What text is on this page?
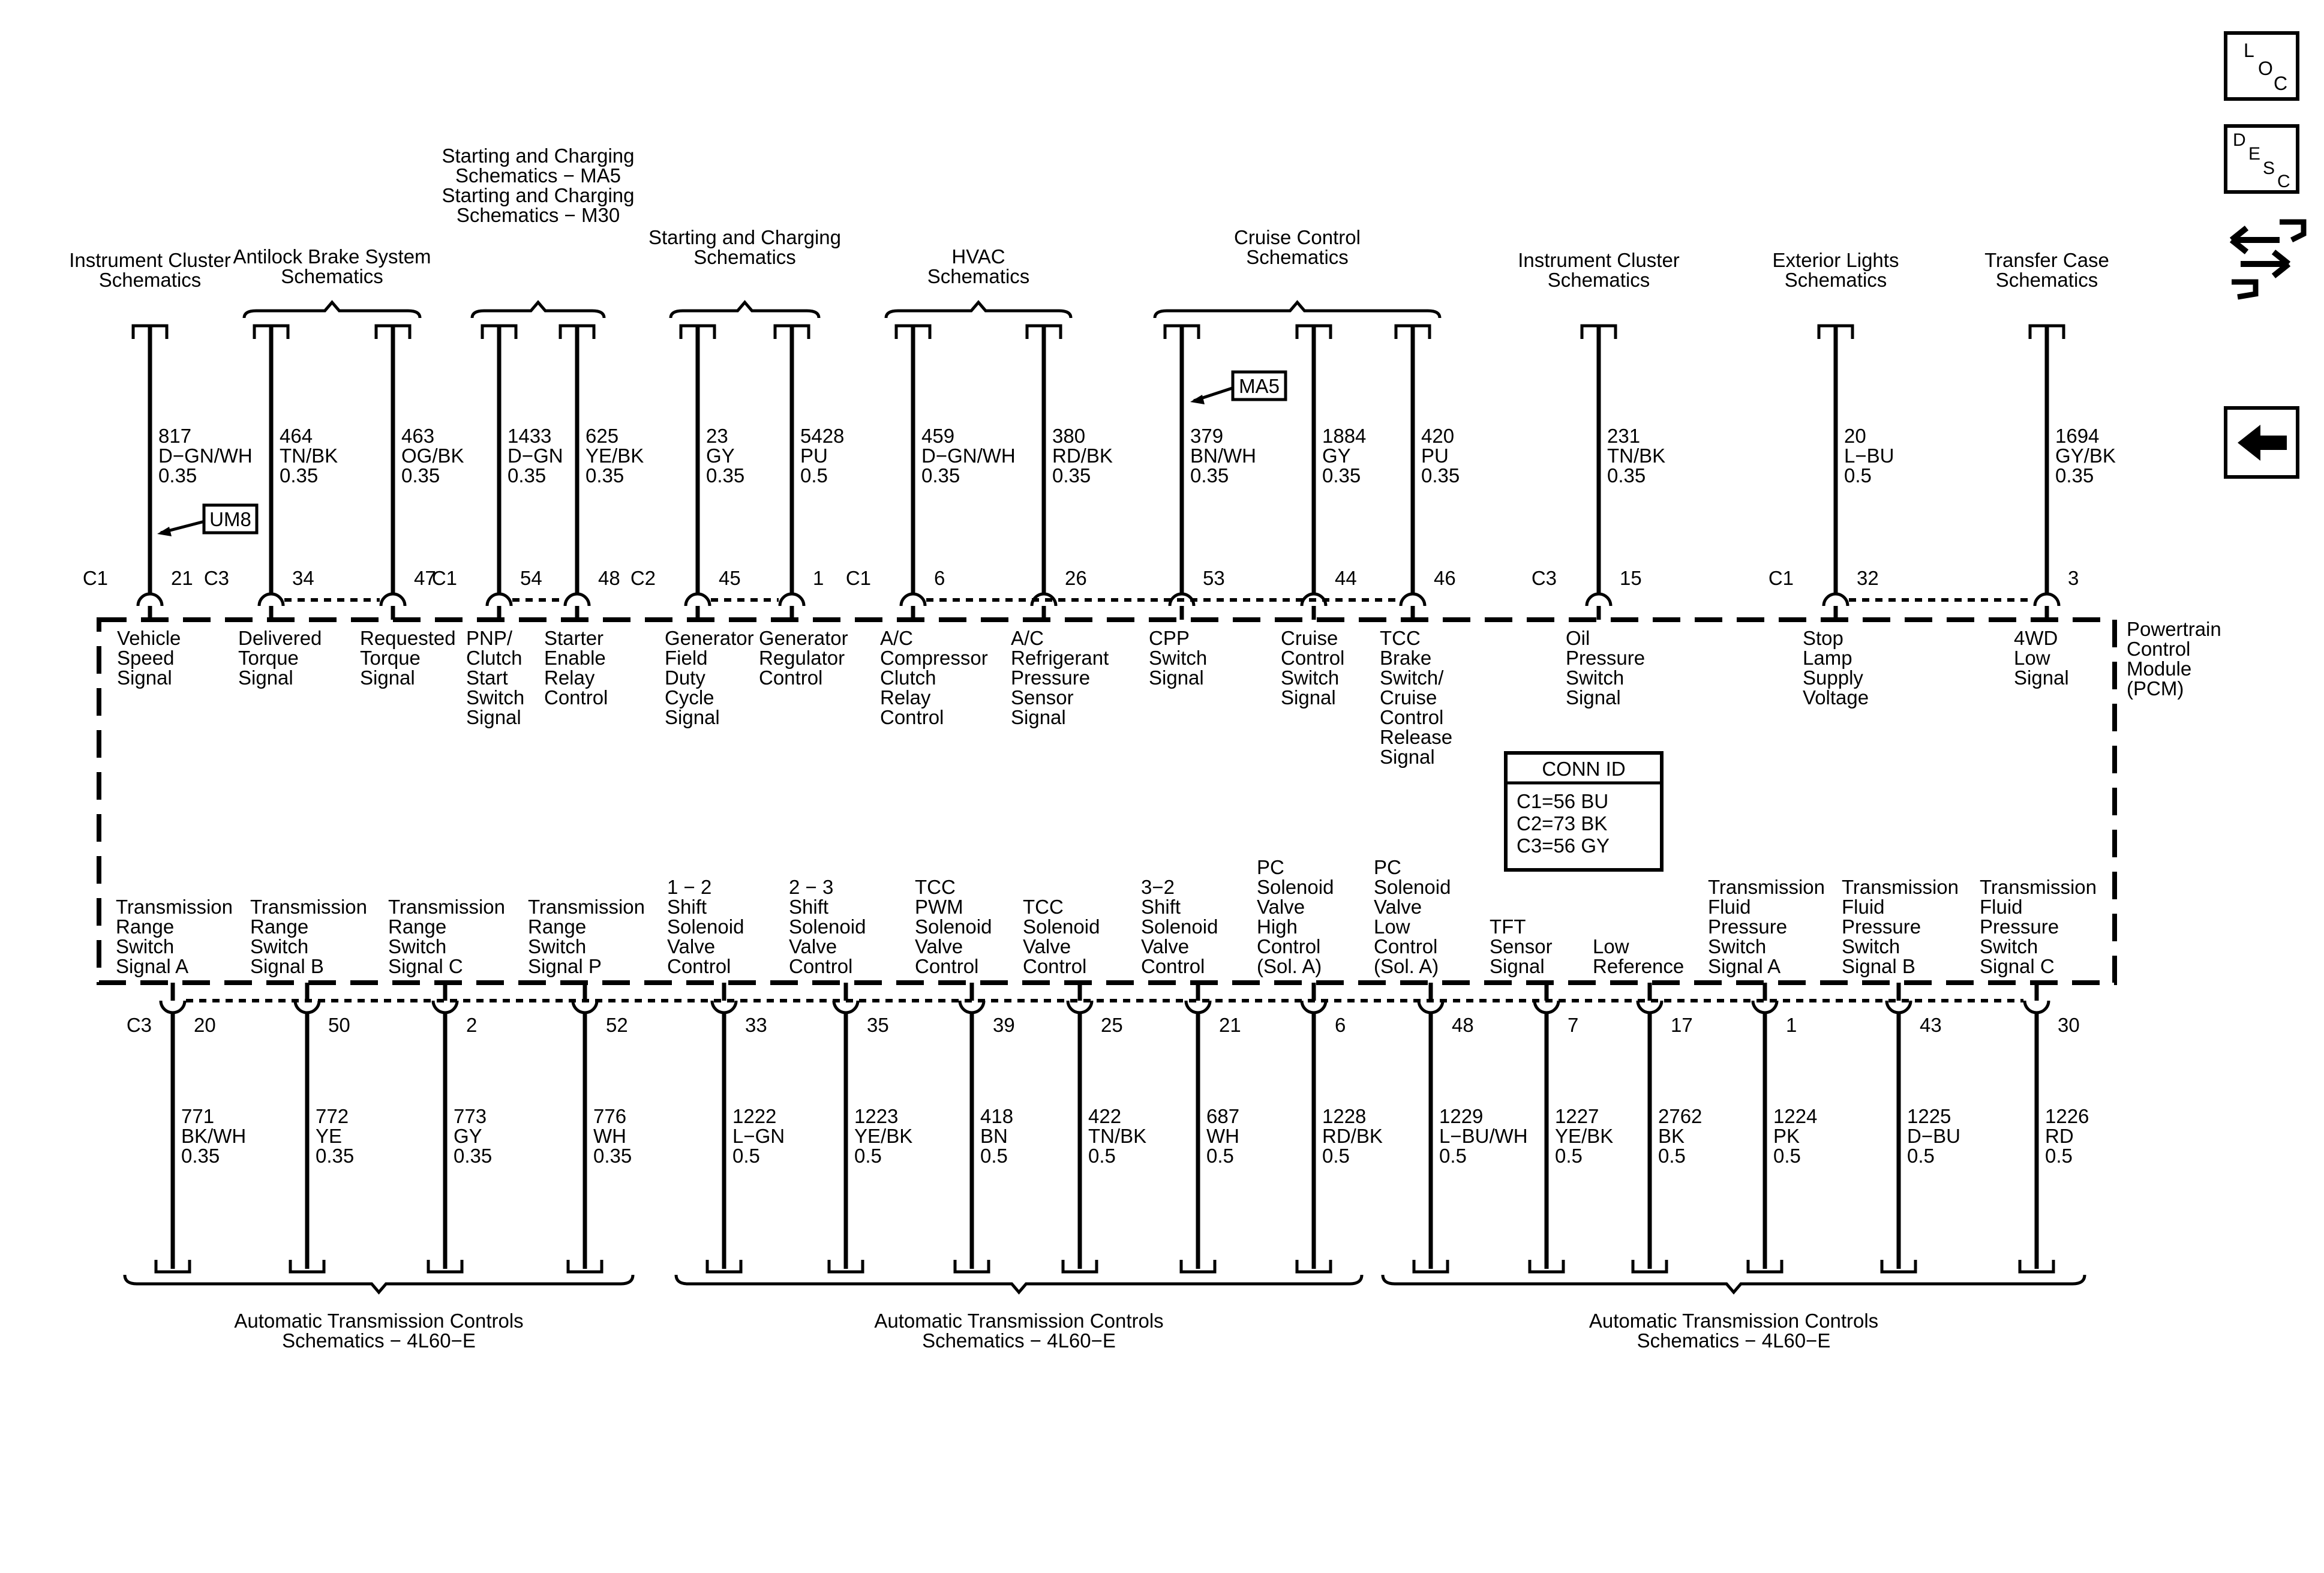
Powertrain
Control
Module
(PCM)
CONN ID
C1=56 BU
C2=73 BK
C3=56 GY
L
O
C
D
E
S
C
Instrument Cluster
Schematics
Antilock Brake System
Schematics
Starting and Charging
Schematics − MA5
Starting and Charging
Schematics − M30
Starting and Charging
Schematics	HVAC
Schematics
Cruise Control
Schematics	Instrument Cluster
Schematics
Exterior Lights
Schematics
Transfer Case
Schematics
817
D−GN/WH
0.35
C1	21
Vehicle
Speed
Signal
464
TN/BK
0.35
C3	34
Delivered
Torque
Signal
463
OG/BK
0.35
47
Requested
Torque
Signal
1433
D−GN
0.35
C1	54
PNP/
Clutch
Start
Switch
Signal
625
YE/BK
0.35
48
Starter
Enable
Relay
Control
23
GY
0.35
C2	45
Generator
Field
Duty
Cycle
Signal
5428
PU
0.5
1
Generator
Regulator
Control
459
D−GN/WH
0.35
C1	6
A/C
Compressor
Clutch
Relay
Control
380
RD/BK
0.35
26
A/C
Refrigerant
Pressure
Sensor
Signal
379
BN/WH
0.35
53
CPP
Switch
Signal
1884
GY
0.35
44
Cruise
Control
Switch
Signal
420
PU
0.35
46
TCC
Brake
Switch/
Cruise
Control
Release
Signal
231
TN/BK
0.35
C3	15
Oil
Pressure
Switch
Signal
20
L−BU
0.5
C1	32
Stop
Lamp
Supply
Voltage
1694
GY/BK
0.35
3
4WD
Low
Signal
Transmission
Range
Switch
Signal A
C3 20
771
BK/WH
0.35
Transmission
Range
Switch
Signal B
50
772
YE
0.35
Transmission
Range
Switch
Signal C
2
773
GY
0.35
Transmission
Range
Switch
Signal P
52
776
WH
0.35
1 − 2
Shift
Solenoid
Valve
Control
33
1222
L−GN
0.5
2 − 3
Shift
Solenoid
Valve
Control
35
1223
YE/BK
0.5
TCC
PWM
Solenoid
Valve
Control
39
418
BN
0.5
TCC
Solenoid
Valve
Control
25
422
TN/BK
0.5
3−2
Shift
Solenoid
Valve
Control
21
687
WH
0.5
PC
Solenoid
Valve
High
Control
(Sol. A)
6
1228
RD/BK
0.5
PC
Solenoid
Valve
Low
Control
(Sol. A)
48
1229
L−BU/WH
0.5
TFT
Sensor
Signal
7
1227
YE/BK
0.5
Low
Reference
17
2762
BK
0.5
Transmission
Fluid
Pressure
Switch
Signal A
1
1224
PK
0.5
Transmission
Fluid
Pressure
Switch
Signal B
43
1225
D−BU
0.5
Transmission
Fluid
Pressure
Switch
Signal C
30
1226
RD
0.5
Automatic Transmission Controls
Schematics − 4L60−E
Automatic Transmission Controls
Schematics − 4L60−E
Automatic Transmission Controls
Schematics − 4L60−E
UM8
MA5
